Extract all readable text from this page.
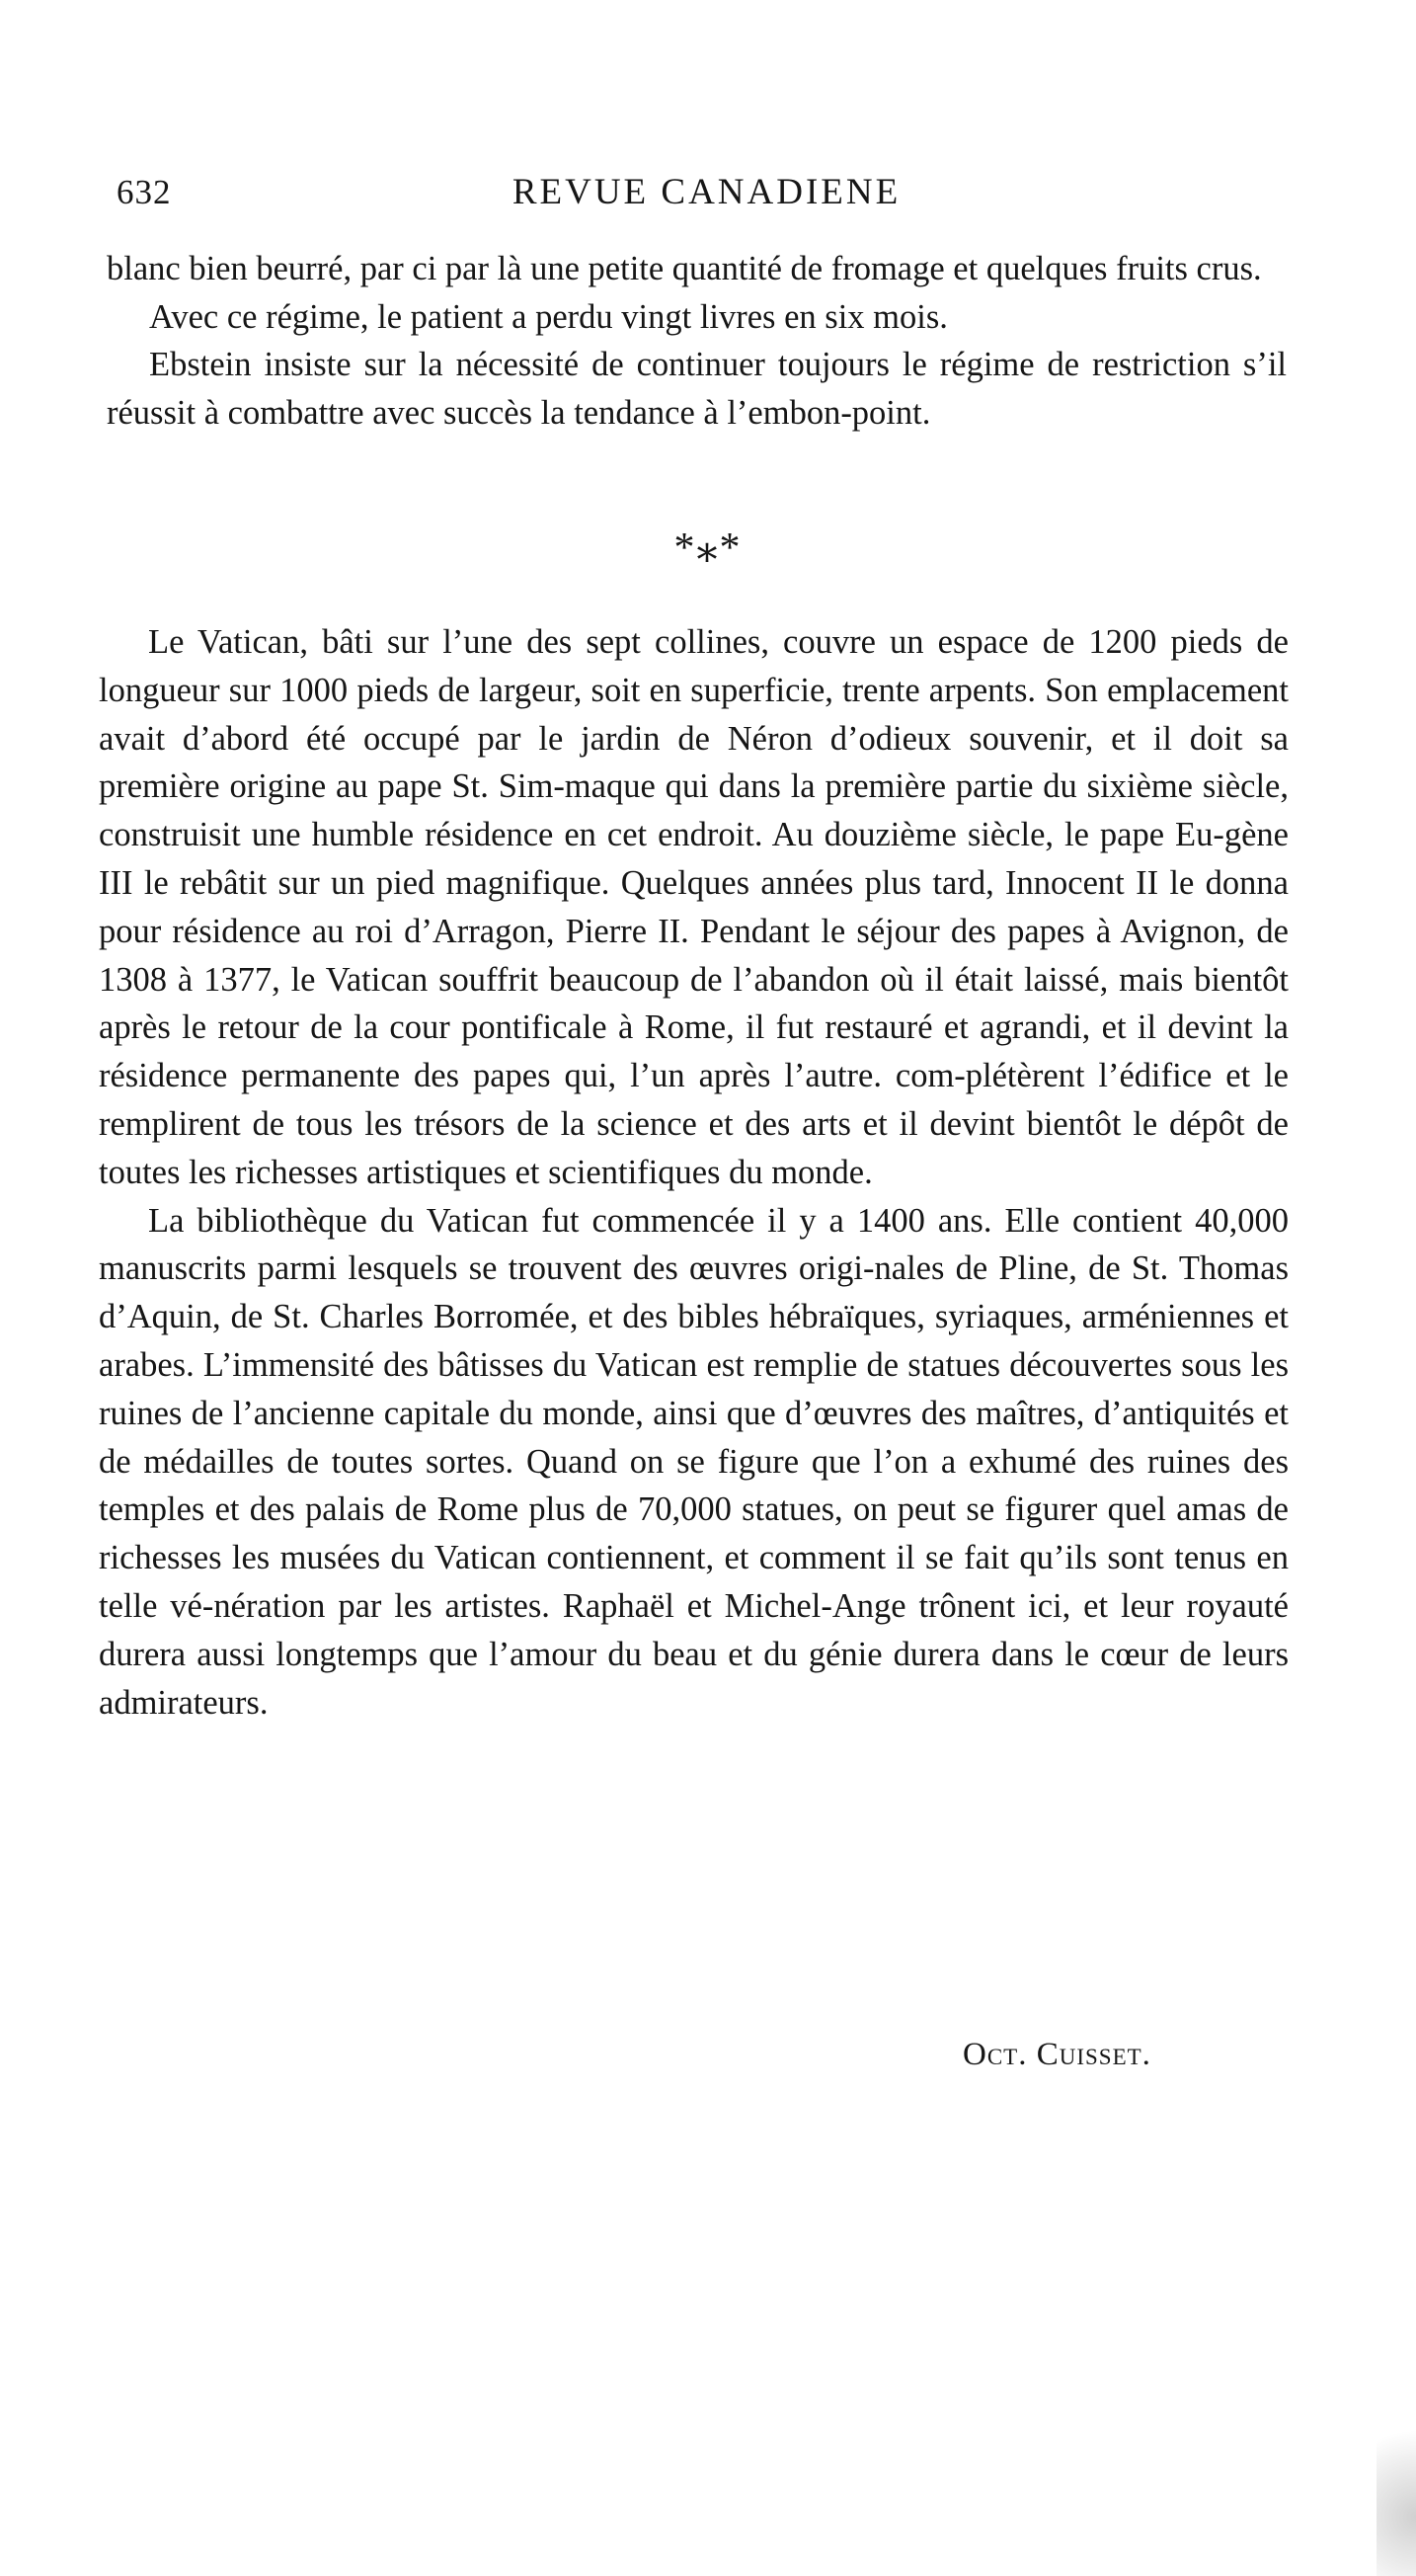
632	REVUE CANADIENE

blanc bien beurré, par ci par là une petite quantité de fromage et quelques fruits crus.

Avec ce régime, le patient a perdu vingt livres en six mois.

Ebstein insiste sur la nécessité de continuer toujours le régime de restriction s’il réussit à combattre avec succès la tendance à l’embon-point.

*⁎*

Le Vatican, bâti sur l’une des sept collines, couvre un espace de 1200 pieds de longueur sur 1000 pieds de largeur, soit en superficie, trente arpents. Son emplacement avait d’abord été occupé par le jardin de Néron d’odieux souvenir, et il doit sa première origine au pape St. Sim-maque qui dans la première partie du sixième siècle, construisit une humble résidence en cet endroit. Au douzième siècle, le pape Eu-gène III le rebâtit sur un pied magnifique. Quelques années plus tard, Innocent II le donna pour résidence au roi d’Arragon, Pierre II. Pendant le séjour des papes à Avignon, de 1308 à 1377, le Vatican souffrit beaucoup de l’abandon où il était laissé, mais bientôt après le retour de la cour pontificale à Rome, il fut restauré et agrandi, et il devint la résidence permanente des papes qui, l’un après l’autre. com-plétèrent l’édifice et le remplirent de tous les trésors de la science et des arts et il devint bientôt le dépôt de toutes les richesses artistiques et scientifiques du monde.

La bibliothèque du Vatican fut commencée il y a 1400 ans. Elle contient 40,000 manuscrits parmi lesquels se trouvent des œuvres origi-nales de Pline, de St. Thomas d’Aquin, de St. Charles Borromée, et des bibles hébraïques, syriaques, arméniennes et arabes. L’immensité des bâtisses du Vatican est remplie de statues découvertes sous les ruines de l’ancienne capitale du monde, ainsi que d’œuvres des maîtres, d’antiquités et de médailles de toutes sortes. Quand on se figure que l’on a exhumé des ruines des temples et des palais de Rome plus de 70,000 statues, on peut se figurer quel amas de richesses les musées du Vatican contiennent, et comment il se fait qu’ils sont tenus en telle vé-nération par les artistes. Raphaël et Michel-Ange trônent ici, et leur royauté durera aussi longtemps que l’amour du beau et du génie durera dans le cœur de leurs admirateurs.

Oct. Cuisset.
